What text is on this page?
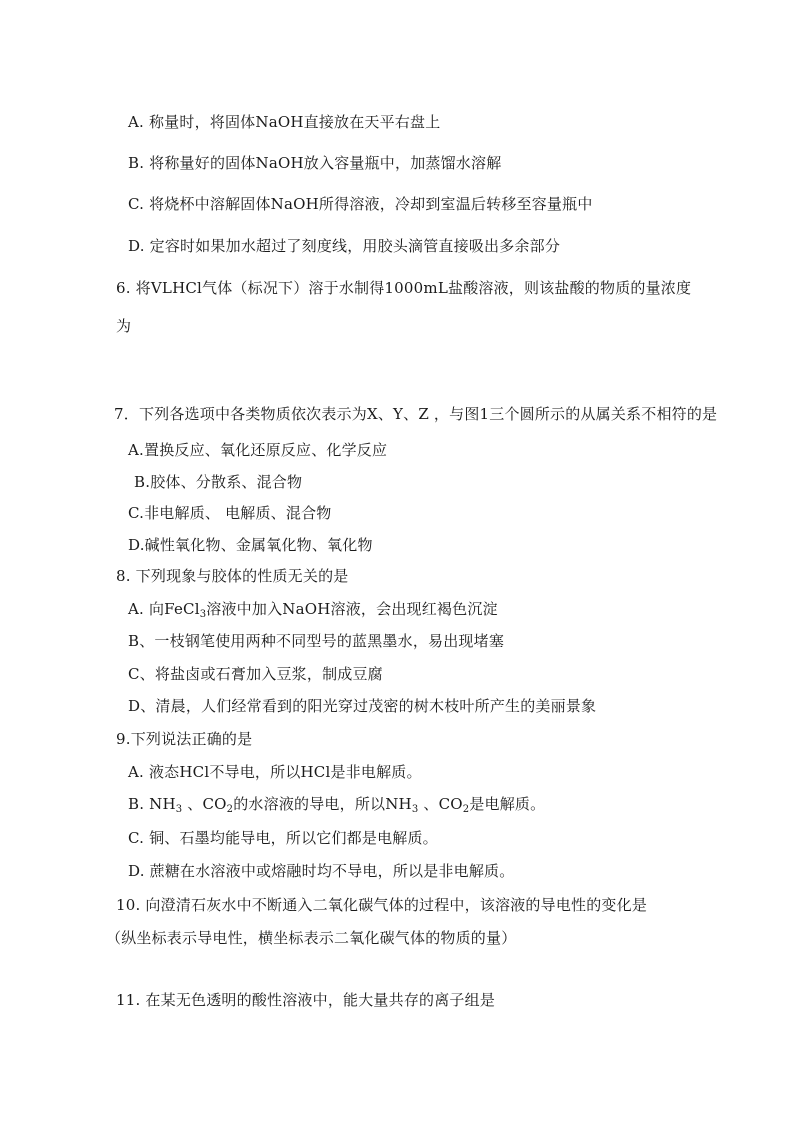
A. 称量时，将固体NaOH直接放在天平右盘上
B. 将称量好的固体NaOH放入容量瓶中，加蒸馏水溶解
C. 将烧杯中溶解固体NaOH所得溶液，冷却到室温后转移至容量瓶中
D. 定容时如果加水超过了刻度线，用胶头滴管直接吸出多余部分
6. 将VLHCl气体（标况下）溶于水制得1000mL盐酸溶液，则该盐酸的物质的量浓度
为
7．下列各选项中各类物质依次表示为X、Y、Z ，与图1三个圆所示的从属关系不相符的是
A.置换反应、氧化还原反应、化学反应
B.胶体、分散系、混合物
C.非电解质、 电解质、混合物
D.碱性氧化物、金属氧化物、氧化物
8. 下列现象与胶体的性质无关的是
A. 向FeCl$_3$溶液中加入NaOH溶液，会出现红褐色沉淀
B、一枝钢笔使用两种不同型号的蓝黑墨水，易出现堵塞
C、将盐卤或石膏加入豆浆，制成豆腐
D、清晨，人们经常看到的阳光穿过茂密的树木枝叶所产生的美丽景象
9.下列说法正确的是
A. 液态HCl不导电，所以HCl是非电解质。
B. $NH_3$ 、$CO_2$的水溶液的导电，所以$NH_3$ 、$CO_2$是电解质。
C. 铜、石墨均能导电，所以它们都是电解质。
D. 蔗糖在水溶液中或熔融时均不导电，所以是非电解质。
10. 向澄清石灰水中不断通入二氧化碳气体的过程中，该溶液的导电性的变化是
（纵坐标表示导电性，横坐标表示二氧化碳气体的物质的量）
11. 在某无色透明的酸性溶液中，能大量共存的离子组是
